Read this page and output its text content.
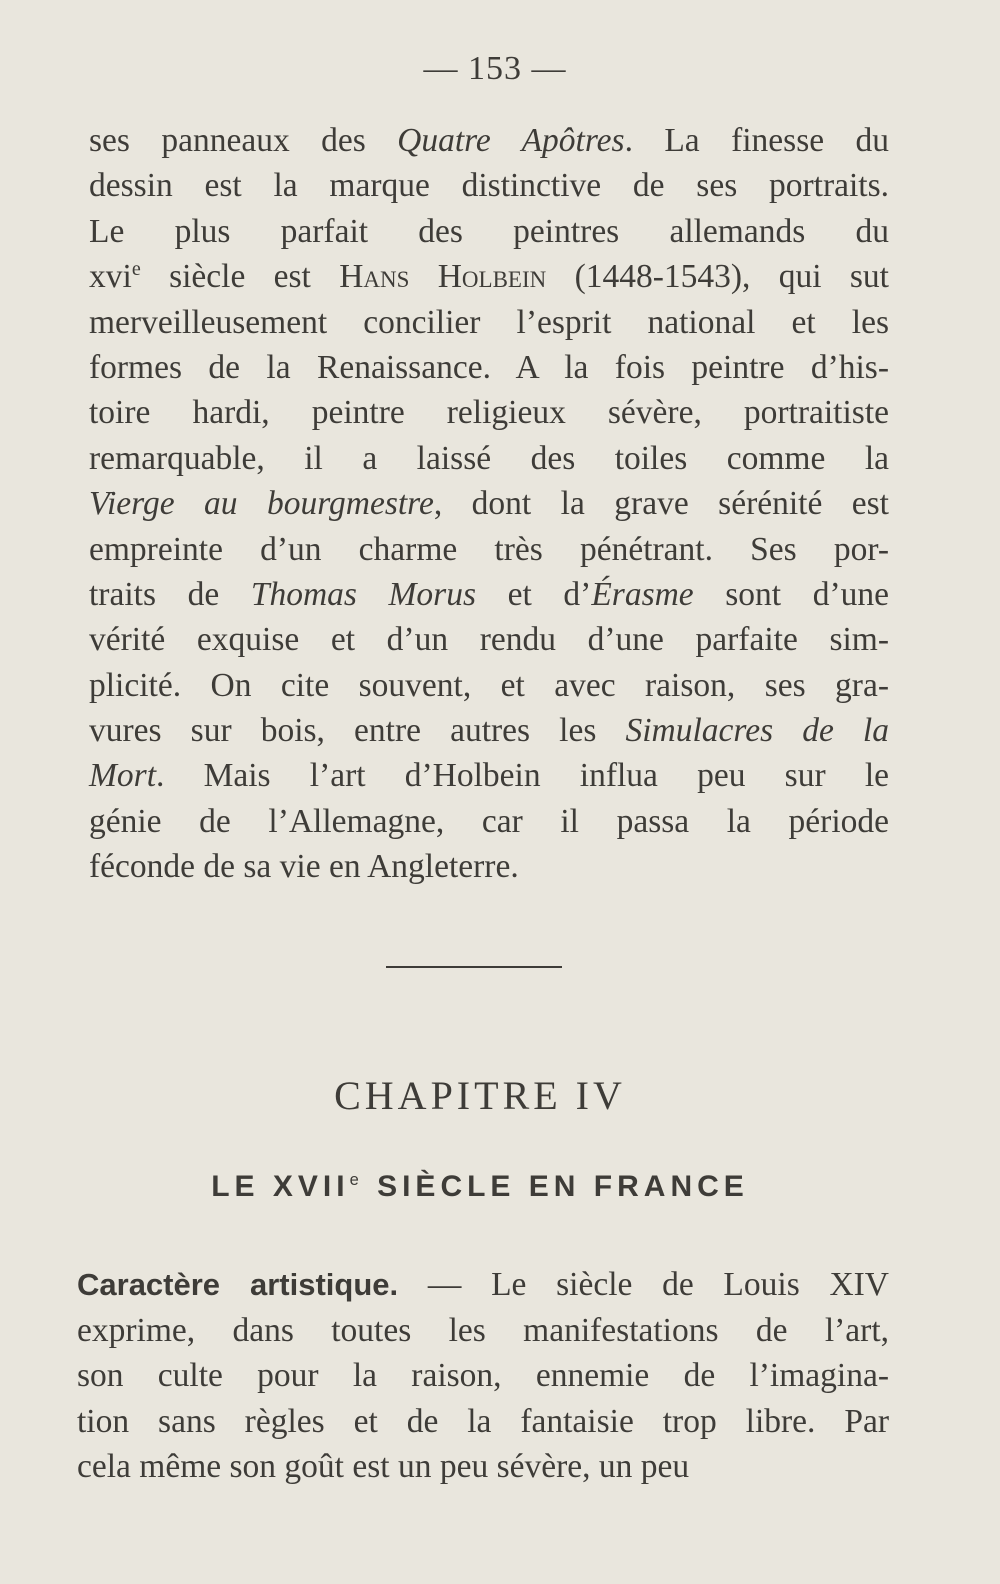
— 153 —

ses panneaux des Quatre Apôtres. La finesse du
dessin est la marque distinctive de ses portraits.
Le plus parfait des peintres allemands du
xvi$^e$ siècle est Hans Holbein (1448-1543), qui sut
merveilleusement concilier l’esprit national et les
formes de la Renaissance. A la fois peintre d’his-
toire hardi, peintre religieux sévère, portraitiste
remarquable, il a laissé des toiles comme la
Vierge au bourgmestre, dont la grave sérénité est
empreinte d’un charme très pénétrant. Ses por-
traits de Thomas Morus et d’Érasme sont d’une
vérité exquise et d’un rendu d’une parfaite sim-
plicité. On cite souvent, et avec raison, ses gra-
vures sur bois, entre autres les Simulacres de la
Mort. Mais l’art d’Holbein influa peu sur le
génie de l’Allemagne, car il passa la période
féconde de sa vie en Angleterre.

CHAPITRE IV
LE XVIIe SIÈCLE EN FRANCE

Caractère artistique. — Le siècle de Louis XIV
exprime, dans toutes les manifestations de l’art,
son culte pour la raison, ennemie de l’imagina-
tion sans règles et de la fantaisie trop libre. Par
cela même son goût est un peu sévère, un peu
